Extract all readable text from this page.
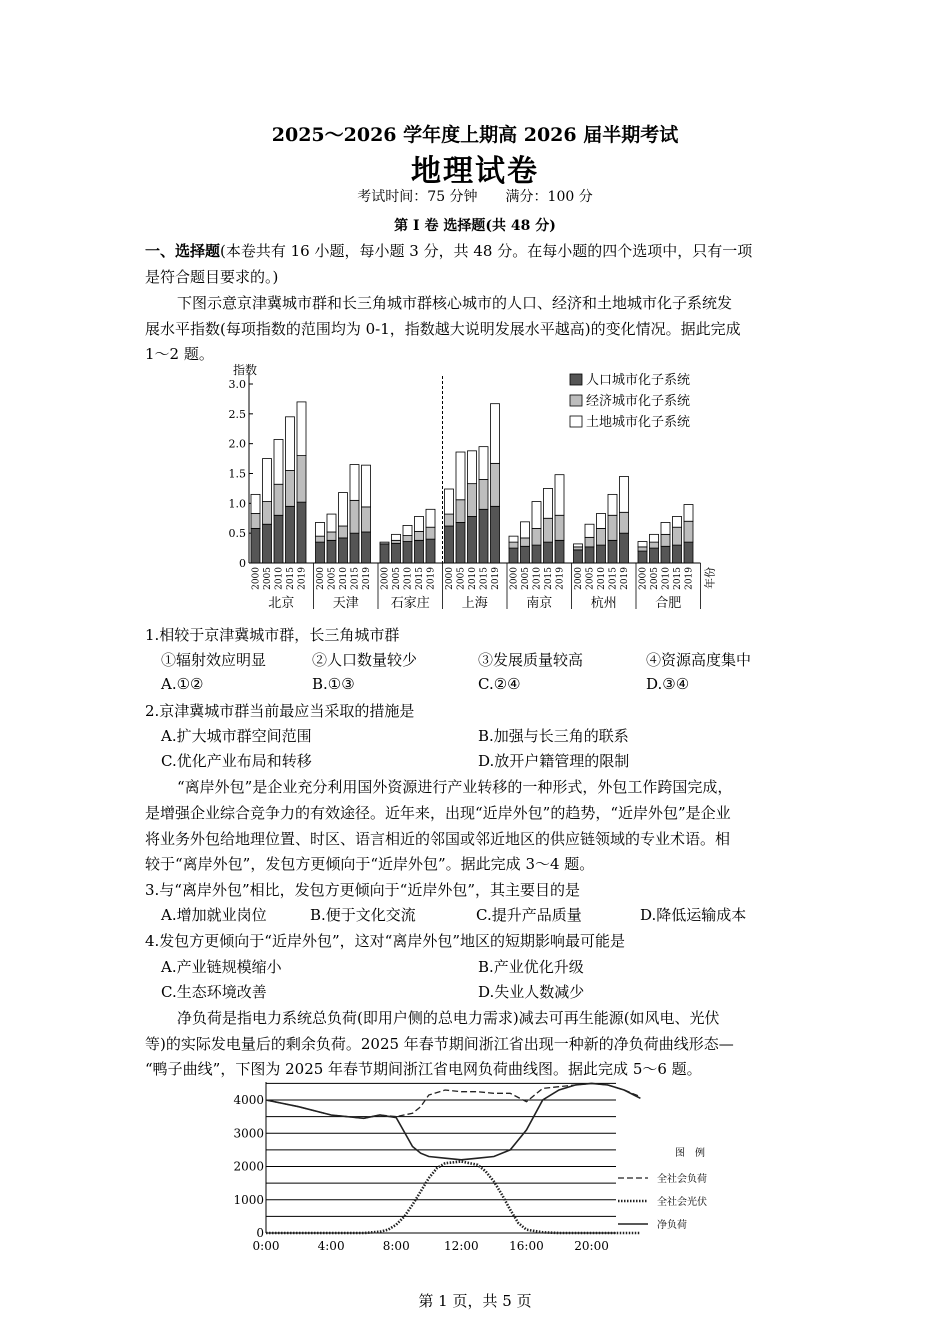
2025～2026 学年度上期高 2026 届半期考试
地理试卷
考试时间：75 分钟　　满分：100 分
第 I 卷 选择题(共 48 分)
一、选择题(本卷共有 16 小题，每小题 3 分，共 48 分。在每小题的四个选项中，只有一项
是符合题目要求的。)
下图示意京津冀城市群和长三角城市群核心城市的人口、经济和土地城市化子系统发
展水平指数(每项指数的范围均为 0-1，指数越大说明发展水平越高)的变化情况。据此完成
1～2 题。
指数
0
0.5
1.0
1.5
2.0
2.5
3.0
2000 2005 2010 2015 2019
北京
2000 2005 2010 2015 2019
天津
2000 2005 2010 2015 2019
石家庄
2000 2005 2010 2015 2019
上海
2000 2005 2010 2015 2019
南京
2000 2005 2010 2015 2019
杭州
2000 2005 2010 2015 2019
合肥
年份
人口城市化子系统
经济城市化子系统
土地城市化子系统
1.相较于京津冀城市群，长三角城市群
①辐射效应明显	②人口数量较少	③发展质量较高	④资源高度集中
A.①②	B.①③	C.②④	D.③④
2.京津冀城市群当前最应当采取的措施是
A.扩大城市群空间范围	B.加强与长三角的联系
C.优化产业布局和转移	D.放开户籍管理的限制
“离岸外包”是企业充分利用国外资源进行产业转移的一种形式，外包工作跨国完成，
是增强企业综合竞争力的有效途径。近年来，出现“近岸外包”的趋势，“近岸外包”是企业
将业务外包给地理位置、时区、语言相近的邻国或邻近地区的供应链领域的专业术语。相
较于“离岸外包”，发包方更倾向于“近岸外包”。据此完成 3～4 题。
3.与“离岸外包”相比，发包方更倾向于“近岸外包”，其主要目的是
A.增加就业岗位	B.便于文化交流	C.提升产品质量	D.降低运输成本
4.发包方更倾向于“近岸外包”，这对“离岸外包”地区的短期影响最可能是
A.产业链规模缩小	B.产业优化升级
C.生态环境改善	D.失业人数减少
净负荷是指电力系统总负荷(即用户侧的总电力需求)减去可再生能源(如风电、光伏
等)的实际发电量后的剩余负荷。2025 年春节期间浙江省出现一种新的净负荷曲线形态—
“鸭子曲线”，下图为 2025 年春节期间浙江省电网负荷曲线图。据此完成 5～6 题。
0
1000
2000
3000
4000
0:00	4:00	8:00	12:00	16:00	20:00
图　例
全社会负荷
全社会光伏
净负荷
第 1 页，共 5 页
